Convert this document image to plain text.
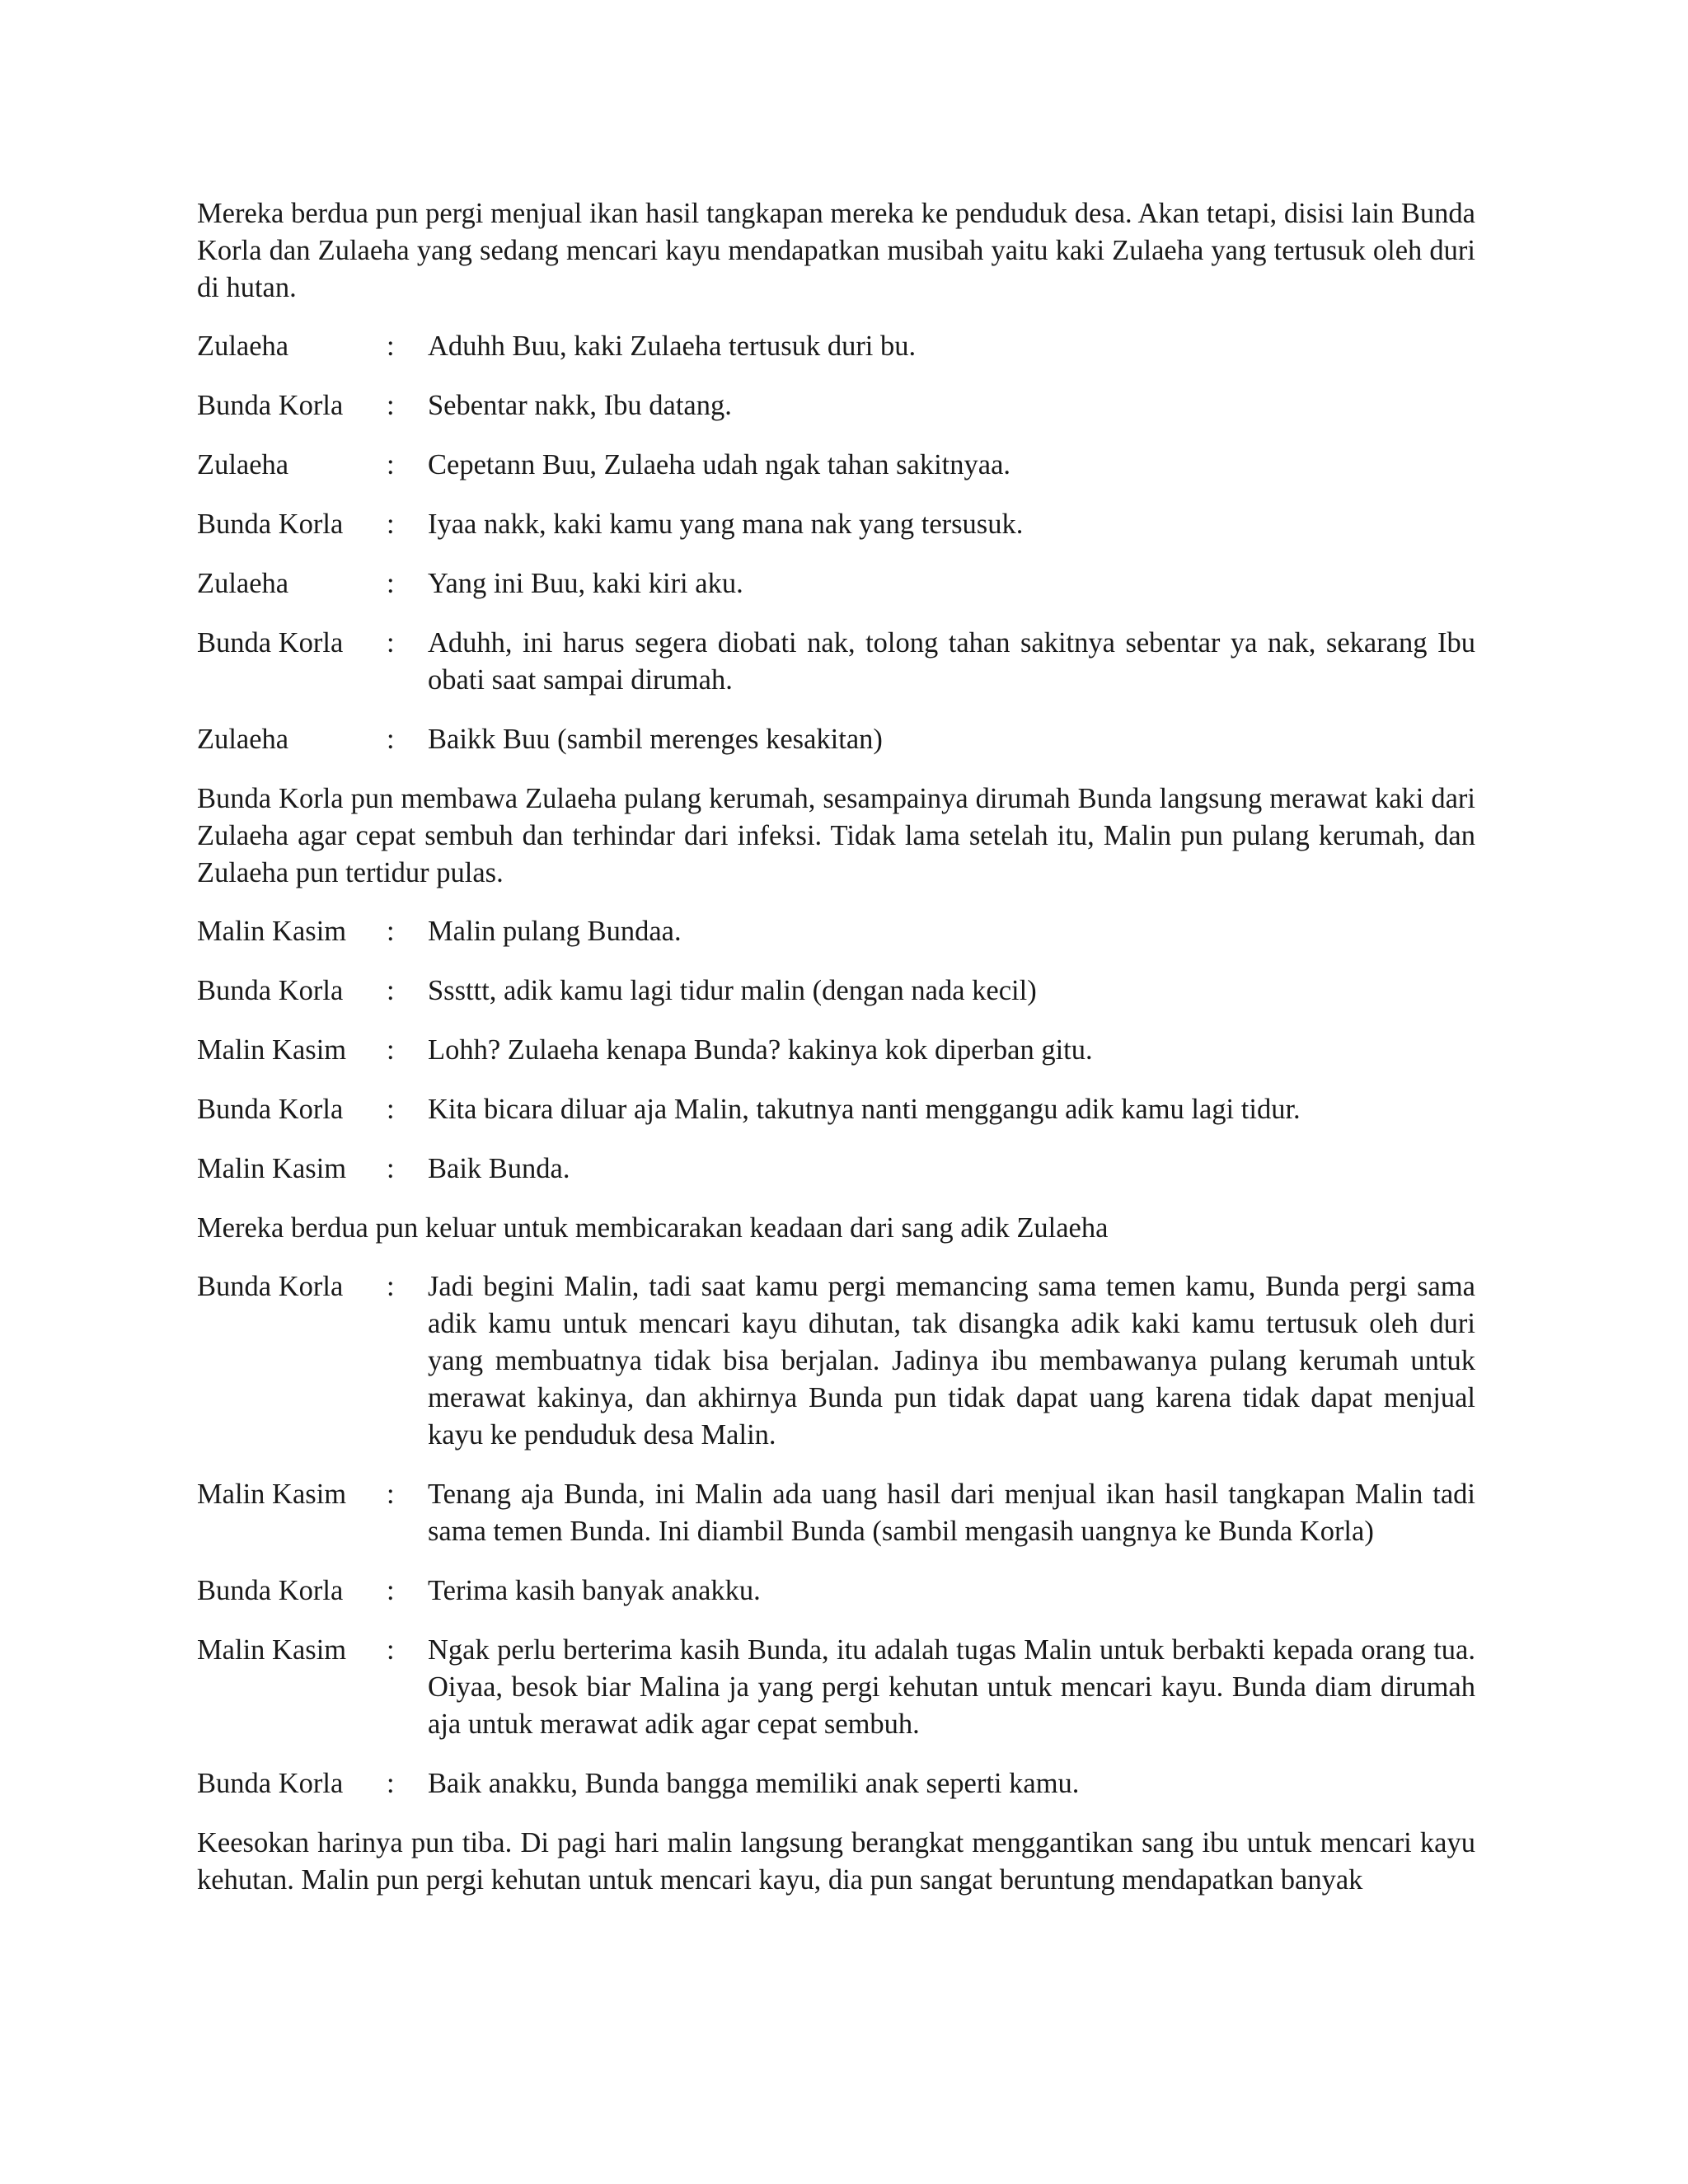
Mereka berdua pun pergi menjual ikan hasil tangkapan mereka ke penduduk desa. Akan tetapi, disisi lain Bunda Korla dan Zulaeha yang sedang mencari kayu mendapatkan musibah yaitu kaki Zulaeha yang tertusuk oleh duri di hutan.

Zulaeha	:	Aduhh Buu, kaki Zulaeha tertusuk duri bu.
Bunda Korla	:	Sebentar nakk, Ibu datang.
Zulaeha	:	Cepetann Buu, Zulaeha udah ngak tahan sakitnyaa.
Bunda Korla	:	Iyaa nakk, kaki kamu yang mana nak yang tersusuk.
Zulaeha	:	Yang ini Buu, kaki kiri aku.
Bunda Korla	:	Aduhh, ini harus segera diobati nak, tolong tahan sakitnya sebentar ya nak, sekarang Ibu obati saat sampai dirumah.
Zulaeha	:	Baikk Buu (sambil merenges kesakitan)

Bunda Korla pun membawa Zulaeha pulang kerumah, sesampainya dirumah Bunda langsung merawat kaki dari Zulaeha agar cepat sembuh dan terhindar dari infeksi. Tidak lama setelah itu, Malin pun pulang kerumah, dan Zulaeha pun tertidur pulas.

Malin Kasim	:	Malin pulang Bundaa.
Bunda Korla	:	Sssttt, adik kamu lagi tidur malin (dengan nada kecil)
Malin Kasim	:	Lohh? Zulaeha kenapa Bunda? kakinya kok diperban gitu.
Bunda Korla	:	Kita bicara diluar aja Malin, takutnya nanti menggangu adik kamu lagi tidur.
Malin Kasim	:	Baik Bunda.

Mereka berdua pun keluar untuk membicarakan keadaan dari sang adik Zulaeha

Bunda Korla	:	Jadi begini Malin, tadi saat kamu pergi memancing sama temen kamu, Bunda pergi sama adik kamu untuk mencari kayu dihutan, tak disangka adik kaki kamu tertusuk oleh duri yang membuatnya tidak bisa berjalan. Jadinya ibu membawanya pulang kerumah untuk merawat kakinya, dan akhirnya Bunda pun tidak dapat uang karena tidak dapat menjual kayu ke penduduk desa Malin.
Malin Kasim	:	Tenang aja Bunda, ini Malin ada uang hasil dari menjual ikan hasil tangkapan Malin tadi sama temen Bunda. Ini diambil Bunda (sambil mengasih uangnya ke Bunda Korla)
Bunda Korla	:	Terima kasih banyak anakku.
Malin Kasim	:	Ngak perlu berterima kasih Bunda, itu adalah tugas Malin untuk berbakti kepada orang tua. Oiyaa, besok biar Malina ja yang pergi kehutan untuk mencari kayu. Bunda diam dirumah aja untuk merawat adik agar cepat sembuh.
Bunda Korla	:	Baik anakku, Bunda bangga memiliki anak seperti kamu.

Keesokan harinya pun tiba. Di pagi hari malin langsung berangkat menggantikan sang ibu untuk mencari kayu kehutan. Malin pun pergi kehutan untuk mencari kayu, dia pun sangat beruntung mendapatkan banyak
